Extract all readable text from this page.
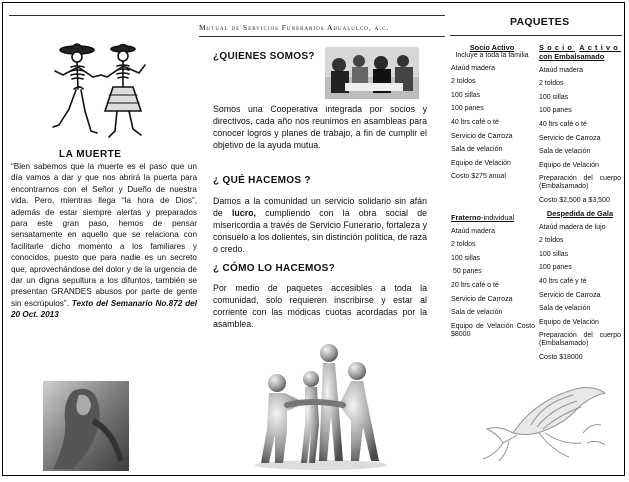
Mutual de Servicios Funerarios Ahualulco, a.c.	PAQUETES
LA MUERTE
“Bien sabemos que la muerte es el paso que un día vamos a dar y que nos abrirá la puerta para encontrarnos con el Señor y Dueño de nuestra vida. Pero, mientras llega “la hora de Dios”, además de estar siempre alertas y preparados para este gran paso, hemos de pensar sensatamente en aquello que se relaciona con facilitarle dicho momento a los familiares y conocidos, puesto que para nadie es un secreto que, aprovechándose del dolor y de la urgencia de dar un digna sepultura a los difuntos, también se presentan GRANDES abusos por parte de gente sin escrúpulos”. Texto del Semanario No.872 del 20 Oct. 2013
¿QUIENES SOMOS?
Somos una Cooperativa integrada por socios y directivos, cada año nos reunimos en asambleas para conocer logros y planes de trabajo, a fin de cumplir el objetivo de la ayuda mutua.
¿ QUÉ HACEMOS ?
Damos a la comunidad un servicio solidario sin afán de lucro, cumpliendo con la obra social de misericordia a través de Servicio Funerario, fortaleza y consuelo a los dolientes, sin distinción política, de raza o credo.
¿ CÓMO LO HACEMOS?
Por medio de paquetes accesibles a toda la comunidad, solo requieren inscribirse y estar al corriente con las módicas cuotas acordadas por la asamblea.
Socio Activo
Incluye a toda la familia
Ataúd madera
2 toldos
100 sillas
100 panes
40 ltrs café o té
Servicio de Carroza
Sala de velación
Equipo de Velación
Costo $275 anual
Fraterno-individual
Ataúd madera
2 toldos
100 sillas
50 panes
20 ltrs café o té
Servicio de Carroza
Sala de velación
Equipo de Velación Costo $8000
Socio Activo
con Embalsamado
Ataúd madera
2 toldos
100 sillas
100 panes
40 ltrs café o té
Servicio de Carroza
Sala de velación
Equipo de Velación
Preparación del cuerpo (Embalsamado)
Costo $2,500 a $3,500
Despedida de Gala
Ataúd madera de lujo
2 toldos
100 sillas
100 panes
40 ltrs café y té
Servicio de Carroza
Sala de velación
Equipo de Velación
Preparación del cuerpo (Embalsamado)
Costo $18000
